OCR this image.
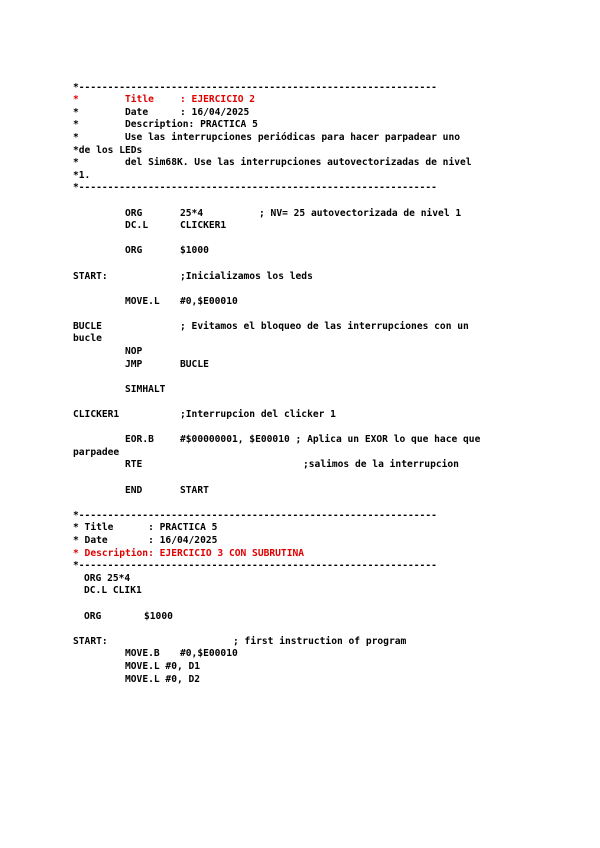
*--------------------------------------------------------------
*	Title	: EJERCICIO 2
*	Date	: 16/04/2025
*	Description: PRACTICA 5
*	Use las interrupciones periódicas para hacer parpadear uno
*de los LEDs
*	del Sim68K. Use las interrupciones autovectorizadas de nivel
*1.
*--------------------------------------------------------------
ORG	25*4	; NV= 25 autovectorizada de nivel 1
DC.L	CLICKER1
ORG	$1000
START:	;Inicializamos los leds
MOVE.L #0,$E00010
BUCLE	; Evitamos el bloqueo de las interrupciones con un
bucle
NOP
JMP	BUCLE
SIMHALT
CLICKER1	;Interrupcion del clicker 1
EOR.B	#$00000001, $E00010 ; Aplica un EXOR lo que hace que
parpadee
RTE	;salimos de la interrupcion
END	START
*--------------------------------------------------------------
* Title      : PRACTICA 5
* Date       : 16/04/2025
* Description: EJERCICIO 3 CON SUBRUTINA
*--------------------------------------------------------------
ORG 25*4
DC.L CLIK1
ORG	$1000
START:	; first instruction of program
MOVE.B #0,$E00010
MOVE.L #0, D1
MOVE.L #0, D2
